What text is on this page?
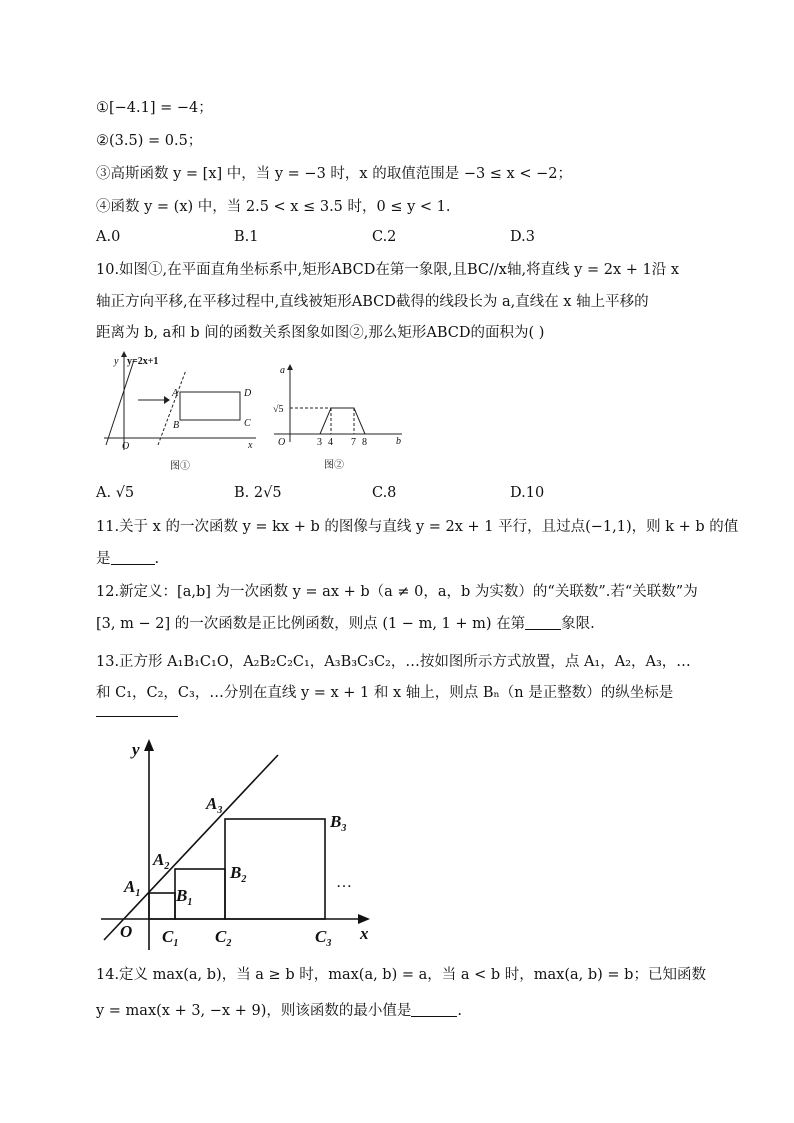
①[−4.1] = −4；
②(3.5) = 0.5；
③高斯函数 y = [x] 中，当 y = −3 时，x 的取值范围是 −3 ≤ x < −2；
④函数 y = (x) 中，当 2.5 < x ≤ 3.5 时，0 ≤ y < 1.
A.0	B.1	C.2	D.3
10.如图①,在平面直角坐标系中,矩形ABCD在第一象限,且BC//x轴,将直线 y = 2x + 1沿 x
轴正方向平移,在平移过程中,直线被矩形ABCD截得的线段长为 a,直线在 x 轴上平移的
距离为 b, a和 b 间的函数关系图象如图②,那么矩形ABCD的面积为( )
y y=2x+1
x
O
A
B
D
C
图①
a
b
O
√5
3 4 7 8
图②
A. √5	B. 2√5	C.8	D.10
11.关于 x 的一次函数 y = kx + b 的图像与直线 y = 2x + 1 平行，且过点(−1,1)，则 k + b 的值
是	.
12.新定义：[a,b] 为一次函数 y = ax + b（a ≠ 0，a，b 为实数）的“关联数”.若“关联数”为
[3, m − 2] 的一次函数是正比例函数，则点 (1 − m, 1 + m) 在第 象限.
13.正方形 A₁B₁C₁O，A₂B₂C₂C₁，A₃B₃C₃C₂，…按如图所示方式放置，点 A₁，A₂，A₃，…
和 C₁，C₂，C₃，…分别在直线 y = x + 1 和 x 轴上，则点 Bₙ（n 是正整数）的纵坐标是
y
x
O
$A_1$
$A_2$
$A_3$
$B_1$
$B_2$
$B_3$
$C_1$ $C_2$	$C_3$
…
14.定义 max(a, b)，当 a ≥ b 时，max(a, b) = a，当 a < b 时，max(a, b) = b；已知函数
y = max(x + 3, −x + 9)，则该函数的最小值是	.
